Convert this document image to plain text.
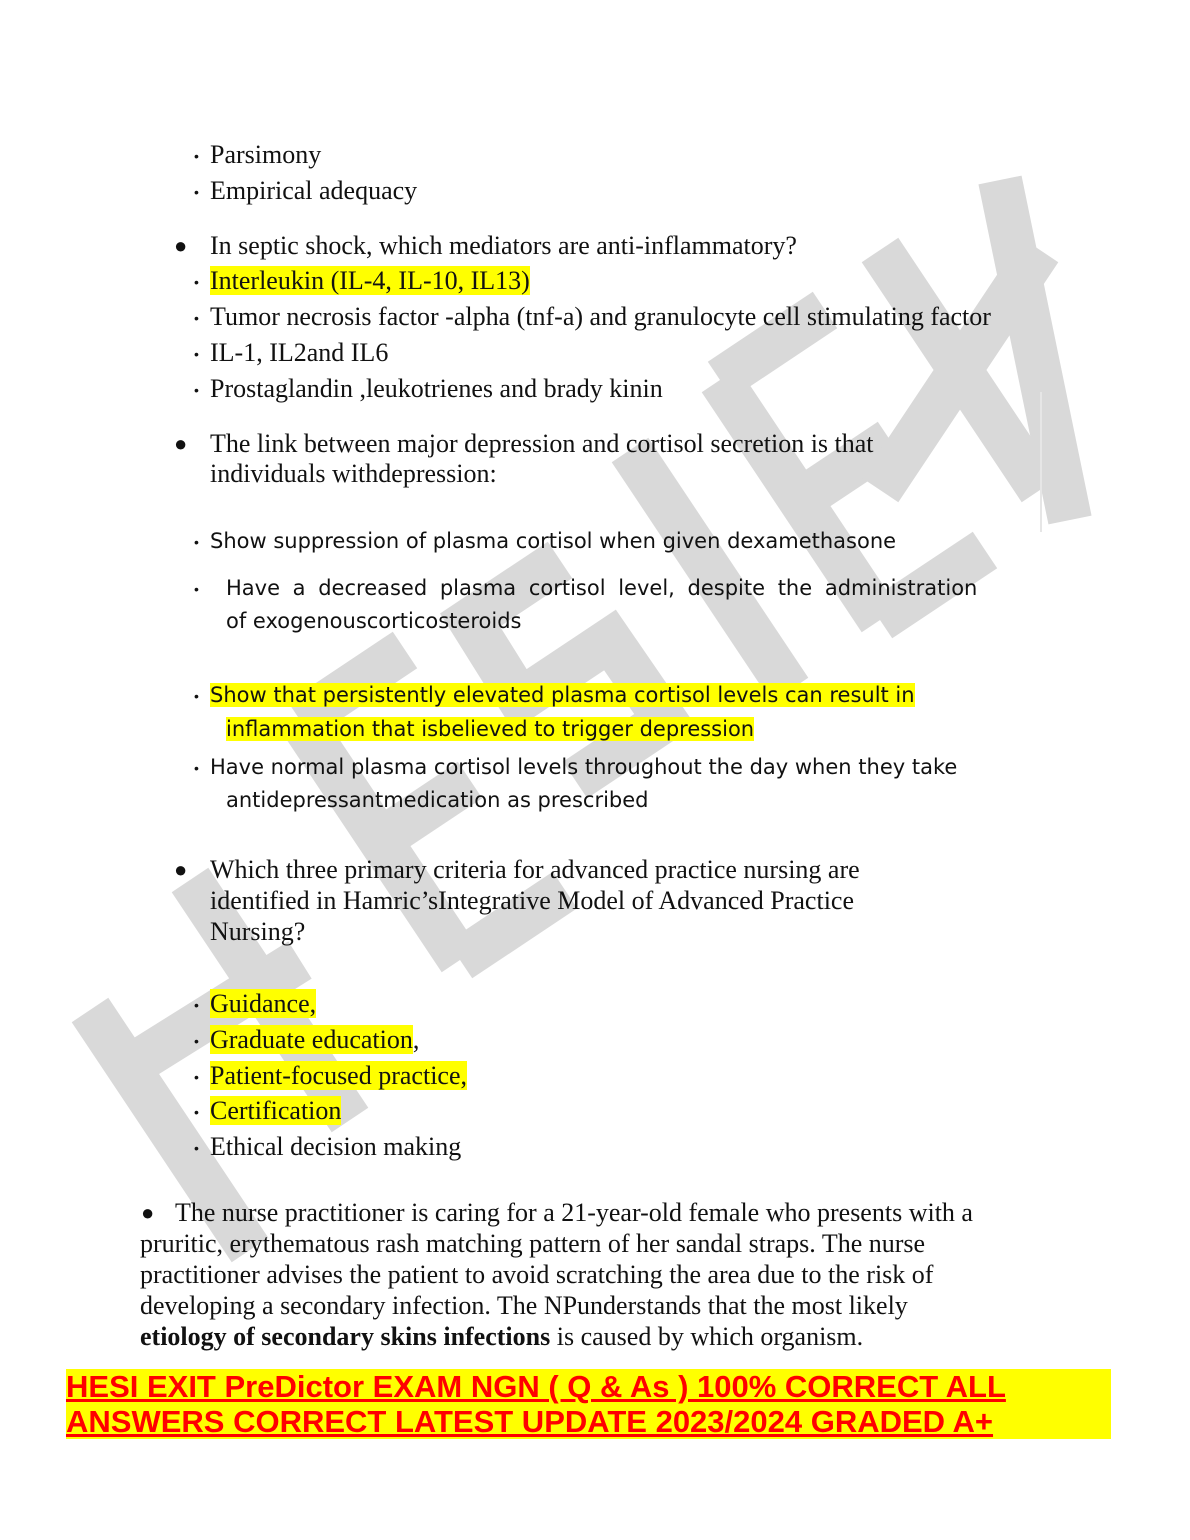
• Parsimony
• Empirical adequacy
● In septic shock, which mediators are anti-inflammatory?
• Interleukin (IL-4, IL-10, IL13)
• Tumor necrosis factor -alpha (tnf-a) and granulocyte cell stimulating factor
• IL-1, IL2and IL6
• Prostaglandin ,leukotrienes and brady kinin
● The link between major depression and cortisol secretion is that
individuals withdepression:
• Show suppression of plasma cortisol when given dexamethasone
• Have a decreased plasma cortisol level, despite the administration
of exogenouscorticosteroids
• Show that persistently elevated plasma cortisol levels can result in
inflammation that isbelieved to trigger depression
• Have normal plasma cortisol levels throughout the day when they take
antidepressantmedication as prescribed
● Which three primary criteria for advanced practice nursing are
identified in Hamric’sIntegrative Model of Advanced Practice
Nursing?
• Guidance,
• Graduate education,
• Patient-focused practice,
• Certification
• Ethical decision making
● The nurse practitioner is caring for a 21-year-old female who presents with a
pruritic, erythematous rash matching pattern of her sandal straps. The nurse
practitioner advises the patient to avoid scratching the area due to the risk of
developing a secondary infection. The NPunderstands that the most likely
etiology of secondary skins infections is caused by which organism.
HESI EXIT PreDictor EXAM NGN ( Q & As ) 100% CORRECT ALL
ANSWERS CORRECT LATEST UPDATE 2023/2024 GRADED A+
